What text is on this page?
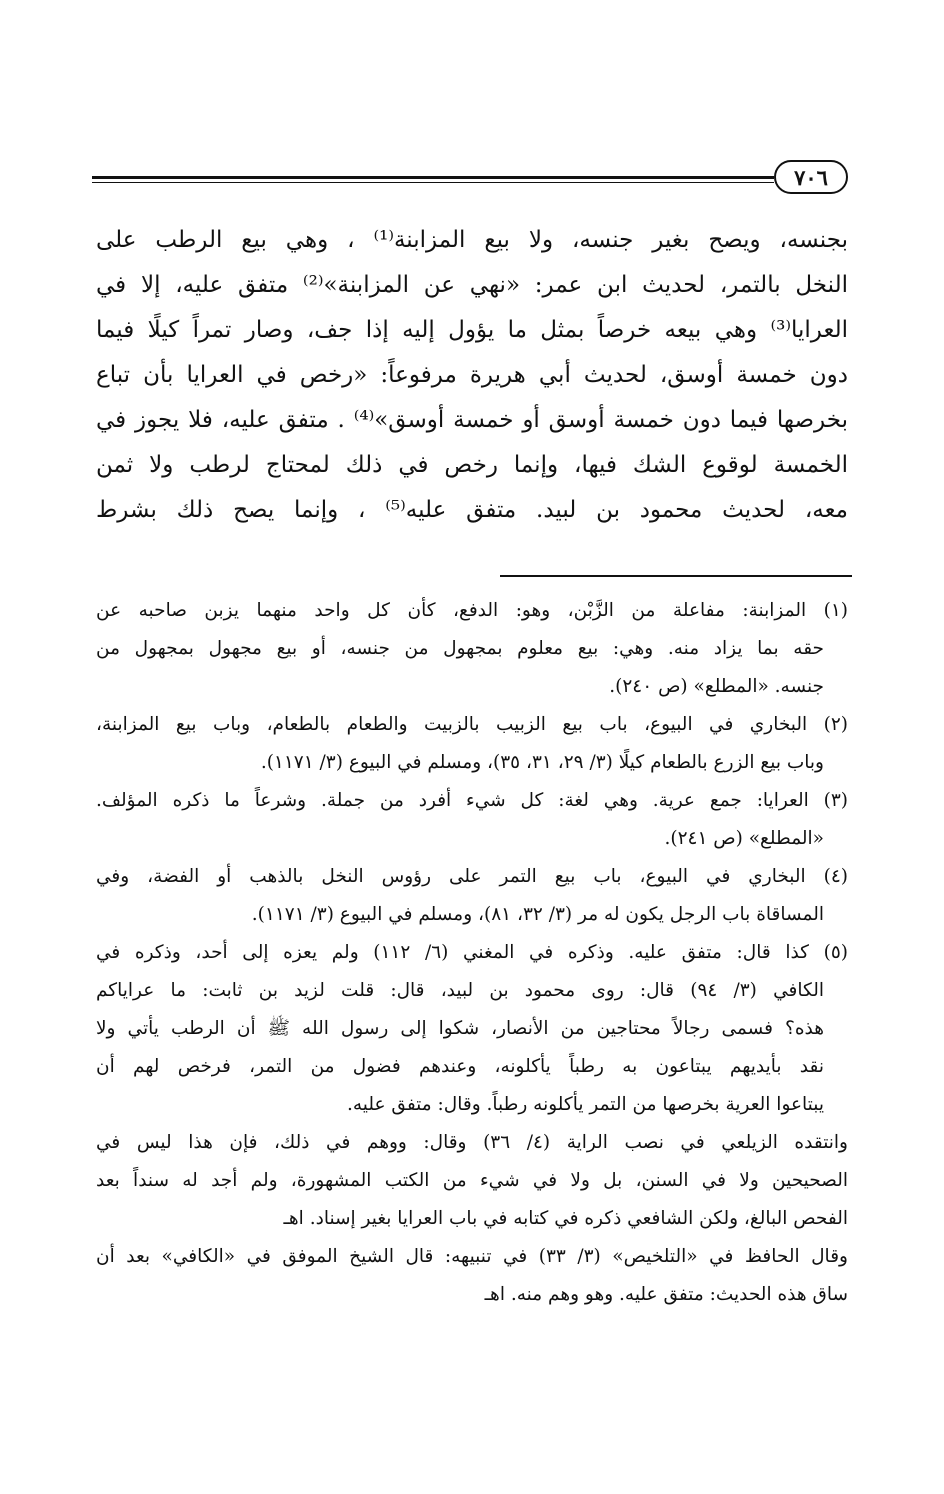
٧٠٦
بجنسه، ويصح بغير جنسه، ولا بيع المزابنة⁽¹⁾ ، وهي بيع الرطب على
النخل بالتمر، لحديث ابن عمر: «نهي عن المزابنة»⁽²⁾ متفق عليه، إلا في
العرايا⁽³⁾ وهي بيعه خرصاً بمثل ما يؤول إليه إذا جف، وصار تمراً كيلًا فيما
دون خمسة أوسق، لحديث أبي هريرة مرفوعاً: «رخص في العرايا بأن تباع
بخرصها فيما دون خمسة أوسق أو خمسة أوسق»⁽⁴⁾ . متفق عليه، فلا يجوز في
الخمسة لوقوع الشك فيها، وإنما رخص في ذلك لمحتاج لرطب ولا ثمن
معه، لحديث محمود بن لبيد. متفق عليه⁽⁵⁾ ، وإنما يصح ذلك بشرط
(١) المزابنة: مفاعلة من الزَّبْن، وهو: الدفع، كأن كل واحد منهما يزبن صاحبه عن
حقه بما يزاد منه. وهي: بيع معلوم بمجهول من جنسه، أو بيع مجهول بمجهول من
جنسه. «المطلع» (ص ٢٤٠).
(٢) البخاري في البيوع، باب بيع الزبيب بالزبيت والطعام بالطعام، وباب بيع المزابنة،
وباب بيع الزرع بالطعام كيلًا (٣/ ٢٩، ٣١، ٣٥)، ومسلم في البيوع (٣/ ١١٧١).
(٣) العرايا: جمع عرية. وهي لغة: كل شيء أفرد من جملة. وشرعاً ما ذكره المؤلف.
«المطلع» (ص ٢٤١).
(٤) البخاري في البيوع، باب بيع التمر على رؤوس النخل بالذهب أو الفضة، وفي
المساقاة باب الرجل يكون له مر (٣/ ٣٢، ٨١)، ومسلم في البيوع (٣/ ١١٧١).
(٥) كذا قال: متفق عليه. وذكره في المغني (٦/ ١١٢) ولم يعزه إلى أحد، وذكره في
الكافي (٣/ ٩٤) قال: روى محمود بن لبيد، قال: قلت لزيد بن ثابت: ما عراياكم
هذه؟ فسمى رجالاً محتاجين من الأنصار، شكوا إلى رسول الله ﷺ أن الرطب يأتي ولا
نقد بأيديهم يبتاعون به رطباً يأكلونه، وعندهم فضول من التمر، فرخص لهم أن
يبتاعوا العرية بخرصها من التمر يأكلونه رطباً. وقال: متفق عليه.
وانتقده الزيلعي في نصب الراية (٤/ ٣٦) وقال: ووهم في ذلك، فإن هذا ليس في
الصحيحين ولا في السنن، بل ولا في شيء من الكتب المشهورة، ولم أجد له سنداً بعد
الفحص البالغ، ولكن الشافعي ذكره في كتابه في باب العرايا بغير إسناد. اهـ
وقال الحافظ في «التلخيص» (٣/ ٣٣) في تنبيهه: قال الشيخ الموفق في «الكافي» بعد أن
ساق هذه الحديث: متفق عليه. وهو وهم منه. اهـ
